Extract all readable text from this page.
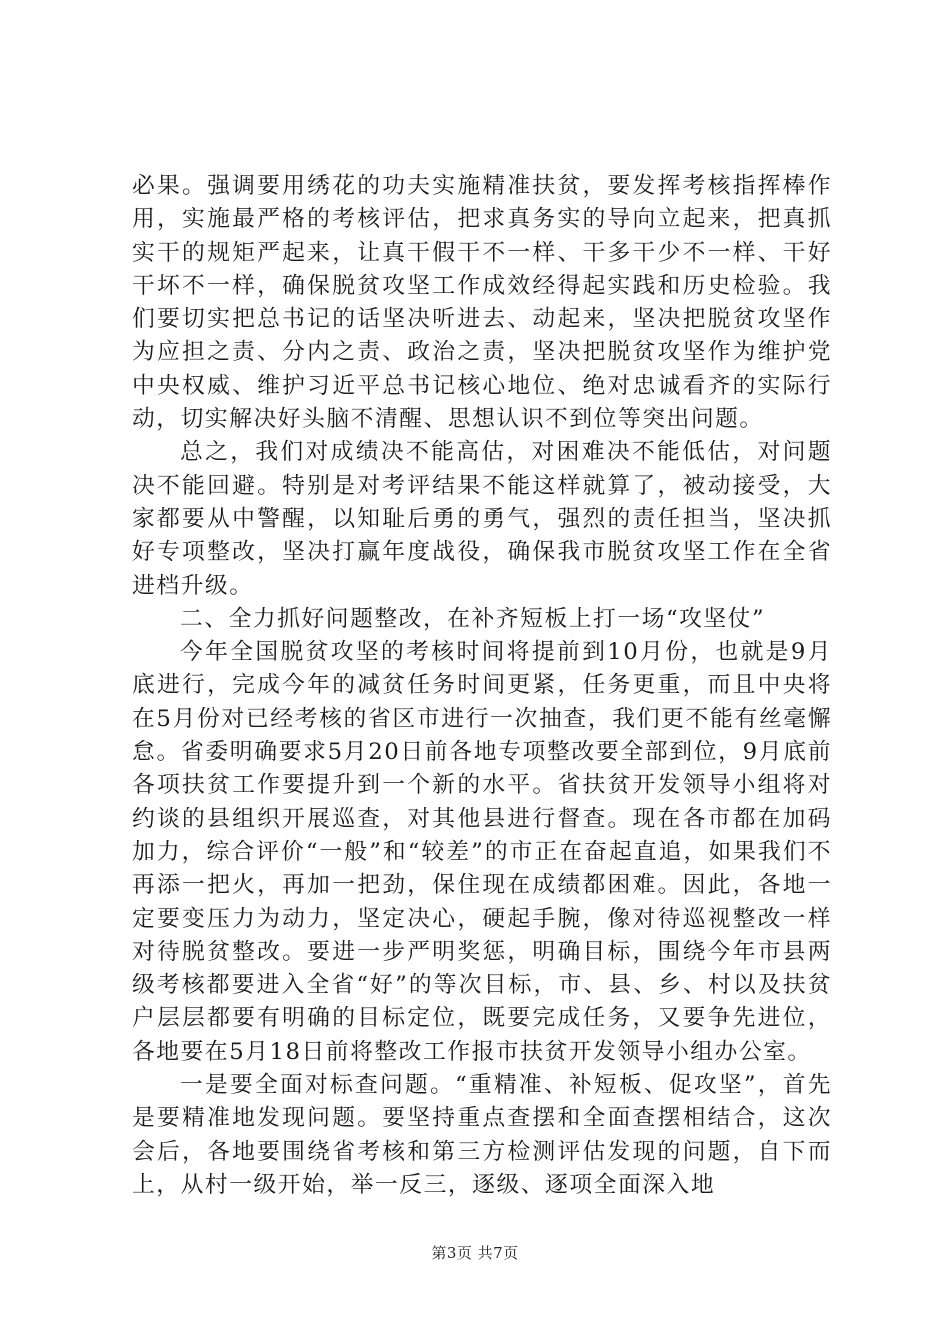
必果。强调要用绣花的功夫实施精准扶贫，要发挥考核指挥棒作用，实施最严格的考核评估，把求真务实的导向立起来，把真抓实干的规矩严起来，让真干假干不一样、干多干少不一样、干好干坏不一样，确保脱贫攻坚工作成效经得起实践和历史检验。我们要切实把总书记的话坚决听进去、动起来，坚决把脱贫攻坚作为应担之责、分内之责、政治之责，坚决把脱贫攻坚作为维护党中央权威、维护习近平总书记核心地位、绝对忠诚看齐的实际行动，切实解决好头脑不清醒、思想认识不到位等突出问题。

总之，我们对成绩决不能高估，对困难决不能低估，对问题决不能回避。特别是对考评结果不能这样就算了，被动接受，大家都要从中警醒，以知耻后勇的勇气，强烈的责任担当，坚决抓好专项整改，坚决打赢年度战役，确保我市脱贫攻坚工作在全省进档升级。

二、全力抓好问题整改，在补齐短板上打一场“攻坚仗”

今年全国脱贫攻坚的考核时间将提前到10月份，也就是9月底进行，完成今年的减贫任务时间更紧，任务更重，而且中央将在5月份对已经考核的省区市进行一次抽查，我们更不能有丝毫懈怠。省委明确要求5月20日前各地专项整改要全部到位，9月底前各项扶贫工作要提升到一个新的水平。省扶贫开发领导小组将对约谈的县组织开展巡查，对其他县进行督查。现在各市都在加码加力，综合评价“一般”和“较差”的市正在奋起直追，如果我们不再添一把火，再加一把劲，保住现在成绩都困难。因此，各地一定要变压力为动力，坚定决心，硬起手腕，像对待巡视整改一样对待脱贫整改。要进一步严明奖惩，明确目标，围绕今年市县两级考核都要进入全省“好”的等次目标，市、县、乡、村以及扶贫户层层都要有明确的目标定位，既要完成任务，又要争先进位，各地要在5月18日前将整改工作报市扶贫开发领导小组办公室。

一是要全面对标查问题。“重精准、补短板、促攻坚”，首先是要精准地发现问题。要坚持重点查摆和全面查摆相结合，这次会后，各地要围绕省考核和第三方检测评估发现的问题，自下而上，从村一级开始，举一反三，逐级、逐项全面深入地

第3页 共7页
